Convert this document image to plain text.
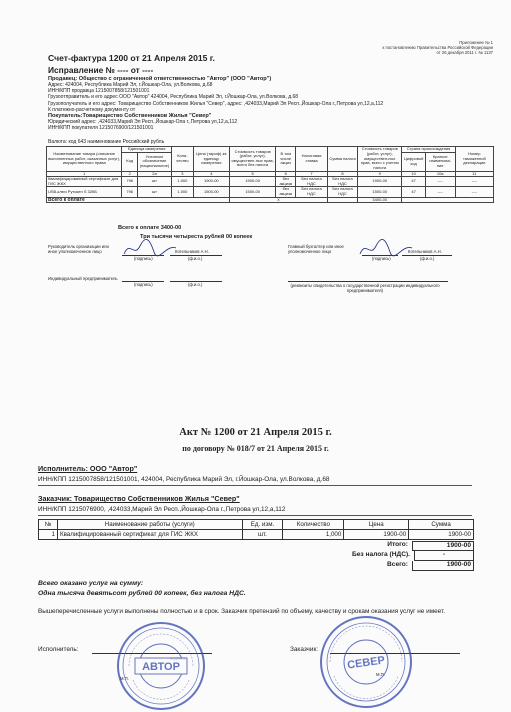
Приложение № 1
к постановлению Правительства Российской Федерации
от 26 декабря 2011 г. № 1137
Счет-фактура 1200 от 21 Апреля 2015 г.
Исправление № ---- от ----
Продавец: Общество с ограниченной ответственностью "Автор" (ООО "Автор")
Адрес: 424004, Республика Марий Эл, г.Йошкар-Ола, ул.Волкова, д.68
ИНН/КПП продавца 1215007858/121501001
Грузоотправитель и его адрес ООО "Автор" 424004, Республика Марий Эл, г.Йошкар-Ола, ул.Волкова, д.68
Грузополучатель и его адрес: Товарищество Собственников Жилья "Север", адрес: ,424033,Марий Эл Респ.,Йошкар-Ола г.,Петрова ул,12,а,112
К платежно-расчетному документу от
Покупатель:Товарищество Собственников Жилья "Север"
Юридический адрес: ,424033,Марий Эл Респ.,Йошкар-Ола г.,Петрова ул,12,а,112
ИНН/КПП покупателя 1215076900/121501001
Валюта: код 643 наименование Российский рубль
Наименование товара (описание выполненных работ, оказанных услуг), имущественного права	Единица измерения		Коли-чество	Цена (тариф) за единицу измерения	Стоимость товаров (работ, услуг), имуществен-ных прав, всего без налога	В том числе акциз	Налоговая ставка	Сумма налога	Стоимость товаров (работ, услуг), имуществен-ных прав, всего с учетом налога	Страна происхождения		Номер таможенной декларации
	Код	Условное обозначение (национальное)								Цифровой код	Краткое наименова-ние	
1	2	2а	3	4	5	6	7	8	9	10	10а	11
Квалифицированный сертификат для ГИС ЖКХ	796	шт	1.000	1900-00	1900-00	без акциза	Без налога НДС	Без налога НДС	1900-00	47	----	----
USB-ключ Рутокен S 32КБ	796	шт	1.000	1500-00	1500-00	без акциза	Без налога НДС	Без налога НДС	1500-00	47	----	----
Всего к оплате					X				3400-00			
Всего к оплате 3400-00
Три тысячи четыреста рублей 00 копеек
Руководитель организации или иное уполномоченное лицо	Котельников А.Н.
(подпись)	(ф.и.о.)
Главный бухгалтер или иное уполномоченное лицо	Котельников А.Н.
(подпись)	(ф.и.о.)
Индивидуальный предприниматель
(подпись)	(ф.и.о.)	(реквизиты свидетельства о государственной регистрации индивидуального предпринимателя)
Акт № 1200 от 21 Апреля 2015 г.
по договору № 018/7 от 21 Апреля 2015 г.
Исполнитель: ООО "Автор"
ИНН/КПП 1215007858/121501001, 424004, Республика Марий Эл, г.Йошкар-Ола, ул.Волкова, д.68
Заказчик: Товарищество Собственников Жилья "Север"
ИНН/КПП 1215076900, ,424033,Марий Эл Респ.,Йошкар-Ола г.,Петрова ул,12,а,112
№	Наименование работы (услуги)	Ед. изм.	Количество	Цена	Сумма
1	Квалифицированный сертификат для ГИС ЖКХ	шт.	1,000	1900-00	1900-00
Итого:	1900-00
Без налога (НДС).	-
Всего:	1900-00
Всего оказано услуг на сумму:
Одна тысяча девятьсот рублей 00 копеек, без налога НДС.
Вышеперечисленные услуги выполнены полностью и в срок. Заказчик претензий по объему, качеству и срокам оказания услуг не имеет.
Исполнитель:
М.П.
Заказчик:
М.П.
АВТОР	СЕВЕР
